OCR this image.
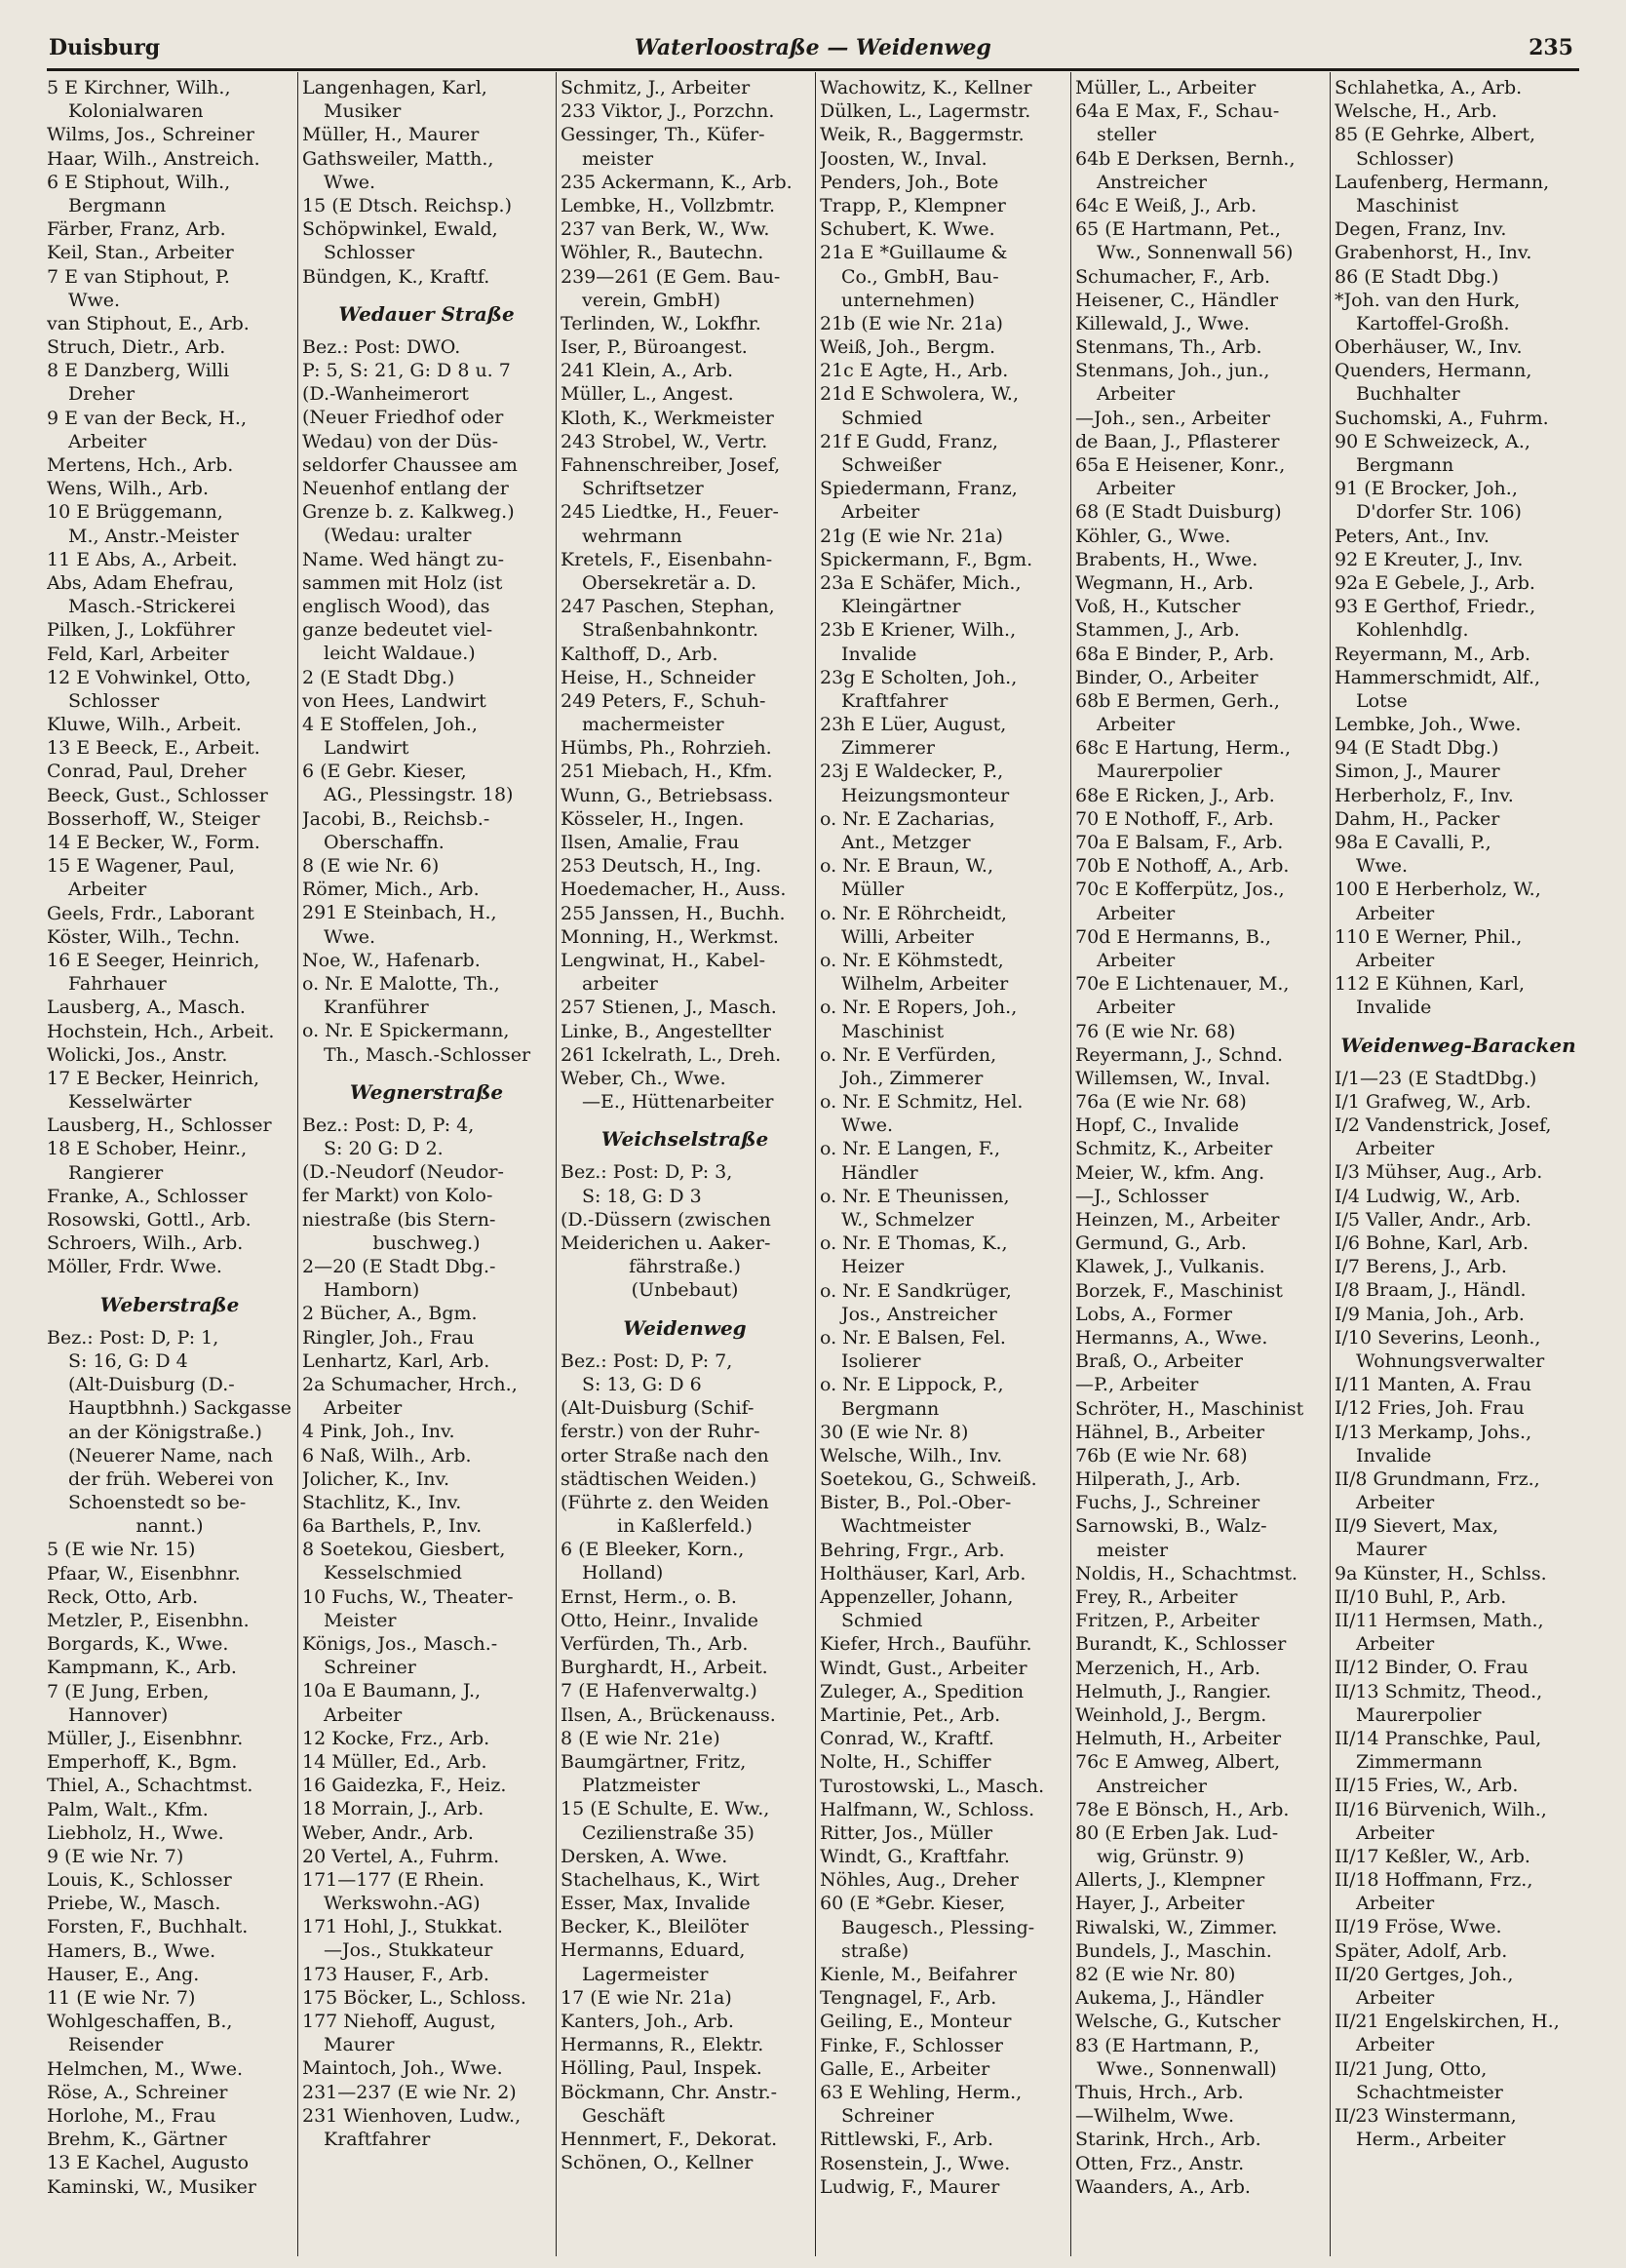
Duisburg	Waterloostraße — Weidenweg	235
5 E Kirchner, Wilh.,
Kolonialwaren
Wilms, Jos., Schreiner
Haar, Wilh., Anstreich.
6 E Stiphout, Wilh.,
Bergmann
Färber, Franz, Arb.
Keil, Stan., Arbeiter
7 E van Stiphout, P.
Wwe.
van Stiphout, E., Arb.
Struch, Dietr., Arb.
8 E Danzberg, Willi
Dreher
9 E van der Beck, H.,
Arbeiter
Mertens, Hch., Arb.
Wens, Wilh., Arb.
10 E Brüggemann,
M., Anstr.-Meister
11 E Abs, A., Arbeit.
Abs, Adam Ehefrau,
Masch.-Strickerei
Pilken, J., Lokführer
Feld, Karl, Arbeiter
12 E Vohwinkel, Otto,
Schlosser
Kluwe, Wilh., Arbeit.
13 E Beeck, E., Arbeit.
Conrad, Paul, Dreher
Beeck, Gust., Schlosser
Bosserhoff, W., Steiger
14 E Becker, W., Form.
15 E Wagener, Paul,
Arbeiter
Geels, Frdr., Laborant
Köster, Wilh., Techn.
16 E Seeger, Heinrich,
Fahrhauer
Lausberg, A., Masch.
Hochstein, Hch., Arbeit.
Wolicki, Jos., Anstr.
17 E Becker, Heinrich,
Kesselwärter
Lausberg, H., Schlosser
18 E Schober, Heinr.,
Rangierer
Franke, A., Schlosser
Rosowski, Gottl., Arb.
Schroers, Wilh., Arb.
Möller, Frdr. Wwe.
Weberstraße
Bez.: Post: D, P: 1,
S: 16, G: D 4
(Alt-Duisburg (D.-
Hauptbhnh.) Sackgasse
an der Königstraße.)
(Neuerer Name, nach
der früh. Weberei von
Schoenstedt so be-
nannt.)
5 (E wie Nr. 15)
Pfaar, W., Eisenbhnr.
Reck, Otto, Arb.
Metzler, P., Eisenbhn.
Borgards, K., Wwe.
Kampmann, K., Arb.
7 (E Jung, Erben,
Hannover)
Müller, J., Eisenbhnr.
Emperhoff, K., Bgm.
Thiel, A., Schachtmst.
Palm, Walt., Kfm.
Liebholz, H., Wwe.
9 (E wie Nr. 7)
Louis, K., Schlosser
Priebe, W., Masch.
Forsten, F., Buchhalt.
Hamers, B., Wwe.
Hauser, E., Ang.
11 (E wie Nr. 7)
Wohlgeschaffen, B.,
Reisender
Helmchen, M., Wwe.
Röse, A., Schreiner
Horlohe, M., Frau
Brehm, K., Gärtner
13 E Kachel, Augusto
Kaminski, W., Musiker
Langenhagen, Karl,
Musiker
Müller, H., Maurer
Gathsweiler, Matth.,
Wwe.
15 (E Dtsch. Reichsp.)
Schöpwinkel, Ewald,
Schlosser
Bündgen, K., Kraftf.
Wedauer Straße
Bez.: Post: DWO.
P: 5, S: 21, G: D 8 u. 7
(D.-Wanheimerort
(Neuer Friedhof oder
Wedau) von der Düs-
seldorfer Chaussee am
Neuenhof entlang der
Grenze b. z. Kalkweg.)
(Wedau: uralter
Name. Wed hängt zu-
sammen mit Holz (ist
englisch Wood), das
ganze bedeutet viel-
leicht Waldaue.)
2 (E Stadt Dbg.)
von Hees, Landwirt
4 E Stoffelen, Joh.,
Landwirt
6 (E Gebr. Kieser,
AG., Plessingstr. 18)
Jacobi, B., Reichsb.-
Oberschaffn.
8 (E wie Nr. 6)
Römer, Mich., Arb.
291 E Steinbach, H.,
Wwe.
Noe, W., Hafenarb.
o. Nr. E Malotte, Th.,
Kranführer
o. Nr. E Spickermann,
Th., Masch.-Schlosser
Wegnerstraße
Bez.: Post: D, P: 4,
S: 20 G: D 2.
(D.-Neudorf (Neudor-
fer Markt) von Kolo-
niestraße (bis Stern-
buschweg.)
2—20 (E Stadt Dbg.-
Hamborn)
2 Bücher, A., Bgm.
Ringler, Joh., Frau
Lenhartz, Karl, Arb.
2a Schumacher, Hrch.,
Arbeiter
4 Pink, Joh., Inv.
6 Naß, Wilh., Arb.
Jolicher, K., Inv.
Stachlitz, K., Inv.
6a Barthels, P., Inv.
8 Soetekou, Giesbert,
Kesselschmied
10 Fuchs, W., Theater-
Meister
Königs, Jos., Masch.-
Schreiner
10a E Baumann, J.,
Arbeiter
12 Kocke, Frz., Arb.
14 Müller, Ed., Arb.
16 Gaidezka, F., Heiz.
18 Morrain, J., Arb.
Weber, Andr., Arb.
20 Vertel, A., Fuhrm.
171—177 (E Rhein.
Werkswohn.-AG)
171 Hohl, J., Stukkat.
—Jos., Stukkateur
173 Hauser, F., Arb.
175 Böcker, L., Schloss.
177 Niehoff, August,
Maurer
Maintoch, Joh., Wwe.
231—237 (E wie Nr. 2)
231 Wienhoven, Ludw.,
Kraftfahrer
Schmitz, J., Arbeiter
233 Viktor, J., Porzchn.
Gessinger, Th., Küfer-
meister
235 Ackermann, K., Arb.
Lembke, H., Vollzbmtr.
237 van Berk, W., Ww.
Wöhler, R., Bautechn.
239—261 (E Gem. Bau-
verein, GmbH)
Terlinden, W., Lokfhr.
Iser, P., Büroangest.
241 Klein, A., Arb.
Müller, L., Angest.
Kloth, K., Werkmeister
243 Strobel, W., Vertr.
Fahnenschreiber, Josef,
Schriftsetzer
245 Liedtke, H., Feuer-
wehrmann
Kretels, F., Eisenbahn-
Obersekretär a. D.
247 Paschen, Stephan,
Straßenbahnkontr.
Kalthoff, D., Arb.
Heise, H., Schneider
249 Peters, F., Schuh-
machermeister
Hümbs, Ph., Rohrzieh.
251 Miebach, H., Kfm.
Wunn, G., Betriebsass.
Kösseler, H., Ingen.
Ilsen, Amalie, Frau
253 Deutsch, H., Ing.
Hoedemacher, H., Auss.
255 Janssen, H., Buchh.
Monning, H., Werkmst.
Lengwinat, H., Kabel-
arbeiter
257 Stienen, J., Masch.
Linke, B., Angestellter
261 Ickelrath, L., Dreh.
Weber, Ch., Wwe.
—E., Hüttenarbeiter
Weichselstraße
Bez.: Post: D, P: 3,
S: 18, G: D 3
(D.-Düssern (zwischen
Meiderichen u. Aaker-
fährstraße.)
(Unbebaut)
Weidenweg
Bez.: Post: D, P: 7,
S: 13, G: D 6
(Alt-Duisburg (Schif-
ferstr.) von der Ruhr-
orter Straße nach den
städtischen Weiden.)
(Führte z. den Weiden
in Kaßlerfeld.)
6 (E Bleeker, Korn.,
Holland)
Ernst, Herm., o. B.
Otto, Heinr., Invalide
Verfürden, Th., Arb.
Burghardt, H., Arbeit.
7 (E Hafenverwaltg.)
Ilsen, A., Brückenauss.
8 (E wie Nr. 21e)
Baumgärtner, Fritz,
Platzmeister
15 (E Schulte, E. Ww.,
Cezilienstraße 35)
Dersken, A. Wwe.
Stachelhaus, K., Wirt
Esser, Max, Invalide
Becker, K., Bleilöter
Hermanns, Eduard,
Lagermeister
17 (E wie Nr. 21a)
Kanters, Joh., Arb.
Hermanns, R., Elektr.
Hölling, Paul, Inspek.
Böckmann, Chr. Anstr.-
Geschäft
Hennmert, F., Dekorat.
Schönen, O., Kellner
Wachowitz, K., Kellner
Dülken, L., Lagermstr.
Weik, R., Baggermstr.
Joosten, W., Inval.
Penders, Joh., Bote
Trapp, P., Klempner
Schubert, K. Wwe.
21a E *Guillaume &
Co., GmbH, Bau-
unternehmen)
21b (E wie Nr. 21a)
Weiß, Joh., Bergm.
21c E Agte, H., Arb.
21d E Schwolera, W.,
Schmied
21f E Gudd, Franz,
Schweißer
Spiedermann, Franz,
Arbeiter
21g (E wie Nr. 21a)
Spickermann, F., Bgm.
23a E Schäfer, Mich.,
Kleingärtner
23b E Kriener, Wilh.,
Invalide
23g E Scholten, Joh.,
Kraftfahrer
23h E Lüer, August,
Zimmerer
23j E Waldecker, P.,
Heizungsmonteur
o. Nr. E Zacharias,
Ant., Metzger
o. Nr. E Braun, W.,
Müller
o. Nr. E Röhrcheidt,
Willi, Arbeiter
o. Nr. E Köhmstedt,
Wilhelm, Arbeiter
o. Nr. E Ropers, Joh.,
Maschinist
o. Nr. E Verfürden,
Joh., Zimmerer
o. Nr. E Schmitz, Hel.
Wwe.
o. Nr. E Langen, F.,
Händler
o. Nr. E Theunissen,
W., Schmelzer
o. Nr. E Thomas, K.,
Heizer
o. Nr. E Sandkrüger,
Jos., Anstreicher
o. Nr. E Balsen, Fel.
Isolierer
o. Nr. E Lippock, P.,
Bergmann
30 (E wie Nr. 8)
Welsche, Wilh., Inv.
Soetekou, G., Schweiß.
Bister, B., Pol.-Ober-
Wachtmeister
Behring, Frgr., Arb.
Holthäuser, Karl, Arb.
Appenzeller, Johann,
Schmied
Kiefer, Hrch., Bauführ.
Windt, Gust., Arbeiter
Zuleger, A., Spedition
Martinie, Pet., Arb.
Conrad, W., Kraftf.
Nolte, H., Schiffer
Turostowski, L., Masch.
Halfmann, W., Schloss.
Ritter, Jos., Müller
Windt, G., Kraftfahr.
Nöhles, Aug., Dreher
60 (E *Gebr. Kieser,
Baugesch., Plessing-
straße)
Kienle, M., Beifahrer
Tengnagel, F., Arb.
Geiling, E., Monteur
Finke, F., Schlosser
Galle, E., Arbeiter
63 E Wehling, Herm.,
Schreiner
Rittlewski, F., Arb.
Rosenstein, J., Wwe.
Ludwig, F., Maurer
Müller, L., Arbeiter
64a E Max, F., Schau-
steller
64b E Derksen, Bernh.,
Anstreicher
64c E Weiß, J., Arb.
65 (E Hartmann, Pet.,
Ww., Sonnenwall 56)
Schumacher, F., Arb.
Heisener, C., Händler
Killewald, J., Wwe.
Stenmans, Th., Arb.
Stenmans, Joh., jun.,
Arbeiter
—Joh., sen., Arbeiter
de Baan, J., Pflasterer
65a E Heisener, Konr.,
Arbeiter
68 (E Stadt Duisburg)
Köhler, G., Wwe.
Brabents, H., Wwe.
Wegmann, H., Arb.
Voß, H., Kutscher
Stammen, J., Arb.
68a E Binder, P., Arb.
Binder, O., Arbeiter
68b E Bermen, Gerh.,
Arbeiter
68c E Hartung, Herm.,
Maurerpolier
68e E Ricken, J., Arb.
70 E Nothoff, F., Arb.
70a E Balsam, F., Arb.
70b E Nothoff, A., Arb.
70c E Kofferpütz, Jos.,
Arbeiter
70d E Hermanns, B.,
Arbeiter
70e E Lichtenauer, M.,
Arbeiter
76 (E wie Nr. 68)
Reyermann, J., Schnd.
Willemsen, W., Inval.
76a (E wie Nr. 68)
Hopf, C., Invalide
Schmitz, K., Arbeiter
Meier, W., kfm. Ang.
—J., Schlosser
Heinzen, M., Arbeiter
Germund, G., Arb.
Klawek, J., Vulkanis.
Borzek, F., Maschinist
Lobs, A., Former
Hermanns, A., Wwe.
Braß, O., Arbeiter
—P., Arbeiter
Schröter, H., Maschinist
Hähnel, B., Arbeiter
76b (E wie Nr. 68)
Hilperath, J., Arb.
Fuchs, J., Schreiner
Sarnowski, B., Walz-
meister
Noldis, H., Schachtmst.
Frey, R., Arbeiter
Fritzen, P., Arbeiter
Burandt, K., Schlosser
Merzenich, H., Arb.
Helmuth, J., Rangier.
Weinhold, J., Bergm.
Helmuth, H., Arbeiter
76c E Amweg, Albert,
Anstreicher
78e E Bönsch, H., Arb.
80 (E Erben Jak. Lud-
wig, Grünstr. 9)
Allerts, J., Klempner
Hayer, J., Arbeiter
Riwalski, W., Zimmer.
Bundels, J., Maschin.
82 (E wie Nr. 80)
Aukema, J., Händler
Welsche, G., Kutscher
83 (E Hartmann, P.,
Wwe., Sonnenwall)
Thuis, Hrch., Arb.
—Wilhelm, Wwe.
Starink, Hrch., Arb.
Otten, Frz., Anstr.
Waanders, A., Arb.
Schlahetka, A., Arb.
Welsche, H., Arb.
85 (E Gehrke, Albert,
Schlosser)
Laufenberg, Hermann,
Maschinist
Degen, Franz, Inv.
Grabenhorst, H., Inv.
86 (E Stadt Dbg.)
*Joh. van den Hurk,
Kartoffel-Großh.
Oberhäuser, W., Inv.
Quenders, Hermann,
Buchhalter
Suchomski, A., Fuhrm.
90 E Schweizeck, A.,
Bergmann
91 (E Brocker, Joh.,
D'dorfer Str. 106)
Peters, Ant., Inv.
92 E Kreuter, J., Inv.
92a E Gebele, J., Arb.
93 E Gerthof, Friedr.,
Kohlenhdlg.
Reyermann, M., Arb.
Hammerschmidt, Alf.,
Lotse
Lembke, Joh., Wwe.
94 (E Stadt Dbg.)
Simon, J., Maurer
Herberholz, F., Inv.
Dahm, H., Packer
98a E Cavalli, P.,
Wwe.
100 E Herberholz, W.,
Arbeiter
110 E Werner, Phil.,
Arbeiter
112 E Kühnen, Karl,
Invalide
Weidenweg-Baracken
I/1—23 (E StadtDbg.)
I/1 Grafweg, W., Arb.
I/2 Vandenstrick, Josef,
Arbeiter
I/3 Mühser, Aug., Arb.
I/4 Ludwig, W., Arb.
I/5 Valler, Andr., Arb.
I/6 Bohne, Karl, Arb.
I/7 Berens, J., Arb.
I/8 Braam, J., Händl.
I/9 Mania, Joh., Arb.
I/10 Severins, Leonh.,
Wohnungsverwalter
I/11 Manten, A. Frau
I/12 Fries, Joh. Frau
I/13 Merkamp, Johs.,
Invalide
II/8 Grundmann, Frz.,
Arbeiter
II/9 Sievert, Max,
Maurer
9a Künster, H., Schlss.
II/10 Buhl, P., Arb.
II/11 Hermsen, Math.,
Arbeiter
II/12 Binder, O. Frau
II/13 Schmitz, Theod.,
Maurerpolier
II/14 Pranschke, Paul,
Zimmermann
II/15 Fries, W., Arb.
II/16 Bürvenich, Wilh.,
Arbeiter
II/17 Keßler, W., Arb.
II/18 Hoffmann, Frz.,
Arbeiter
II/19 Fröse, Wwe.
Später, Adolf, Arb.
II/20 Gertges, Joh.,
Arbeiter
II/21 Engelskirchen, H.,
Arbeiter
II/21 Jung, Otto,
Schachtmeister
II/23 Winstermann,
Herm., Arbeiter
